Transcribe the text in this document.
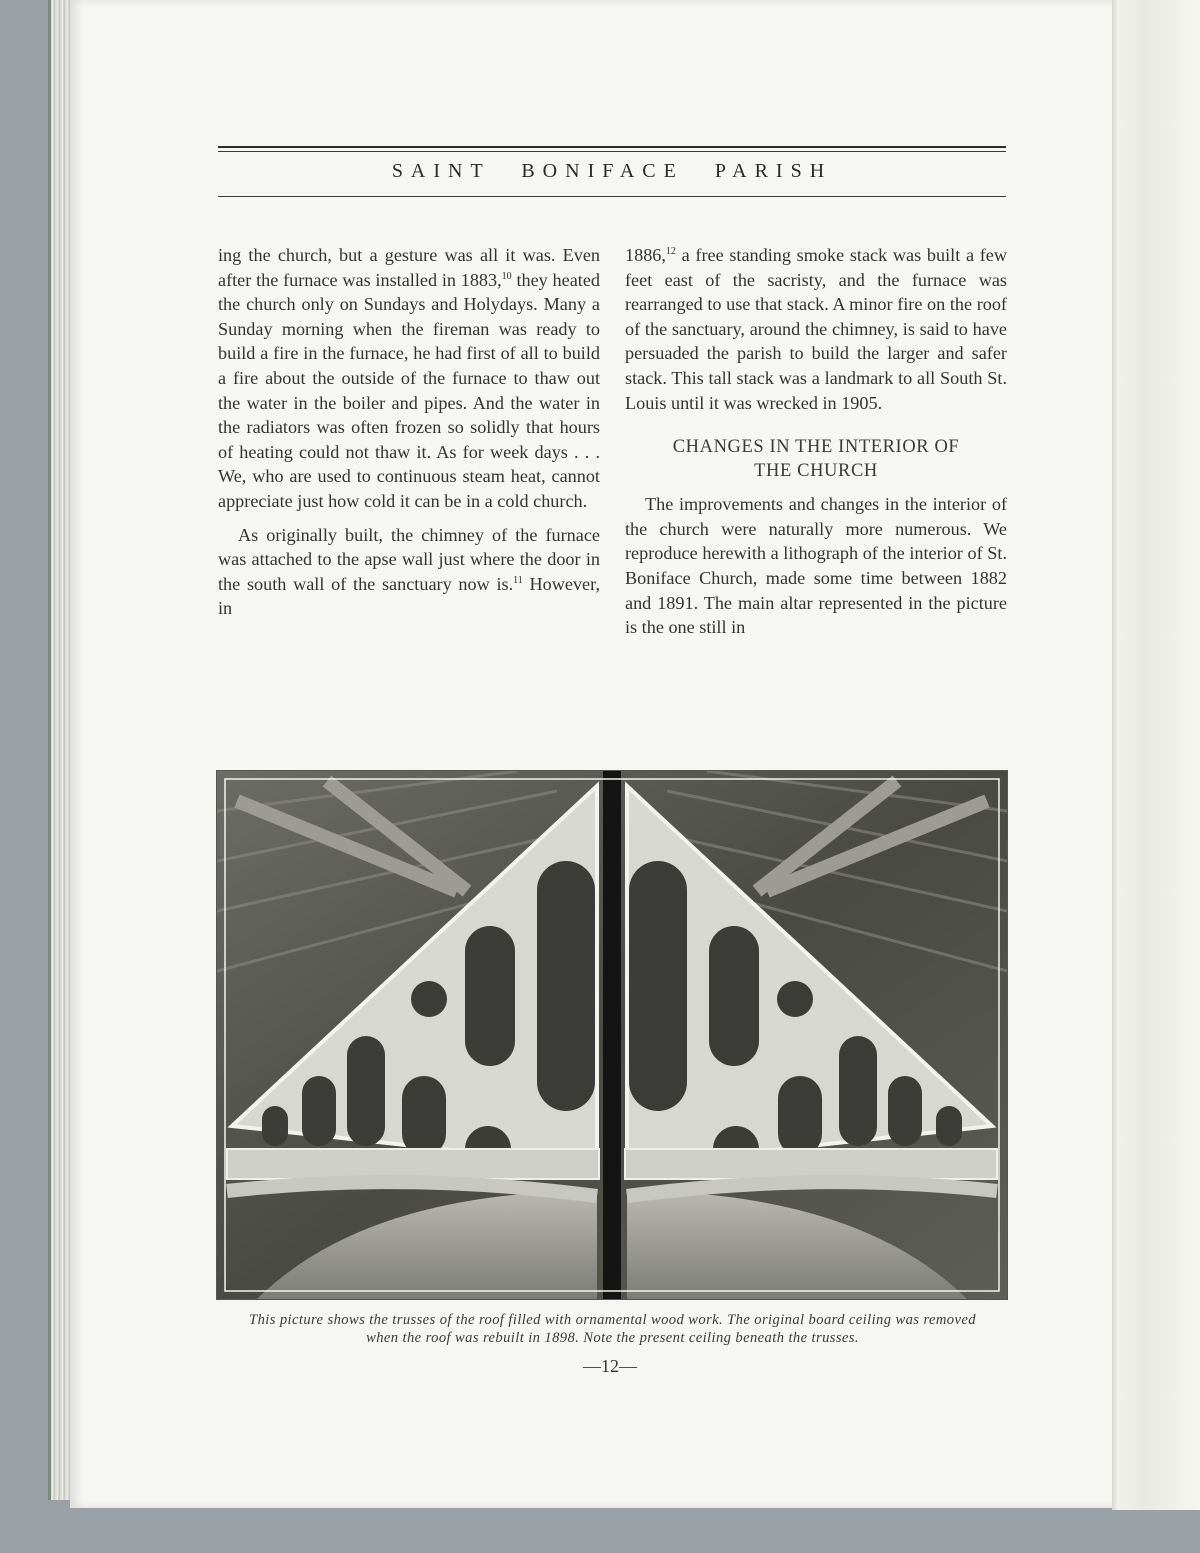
SAINT BONIFACE PARISH

ing the church, but a gesture was all it was. Even after the furnace was installed in 1883,10 they heated the church only on Sundays and Holydays. Many a Sunday morning when the fireman was ready to build a fire in the furnace, he had first of all to build a fire about the outside of the furnace to thaw out the water in the boiler and pipes. And the water in the radiators was often frozen so solidly that hours of heating could not thaw it. As for week days . . . We, who are used to continuous steam heat, cannot appreciate just how cold it can be in a cold church.

As originally built, the chimney of the furnace was attached to the apse wall just where the door in the south wall of the sanctuary now is.$^{11}$ However, in

1886,12 a free standing smoke stack was built a few feet east of the sacristy, and the furnace was rearranged to use that stack. A minor fire on the roof of the sanctuary, around the chimney, is said to have persuaded the parish to build the larger and safer stack. This tall stack was a landmark to all South St. Louis until it was wrecked in 1905.

CHANGES IN THE INTERIOR OF
THE CHURCH

The improvements and changes in the interior of the church were naturally more numerous. We reproduce herewith a lithograph of the interior of St. Boniface Church, made some time between 1882 and 1891. The main altar represented in the picture is the one still in

This picture shows the trusses of the roof filled with ornamental wood work. The original board ceiling was removed when the roof was rebuilt in 1898. Note the present ceiling beneath the trusses.
—12—
